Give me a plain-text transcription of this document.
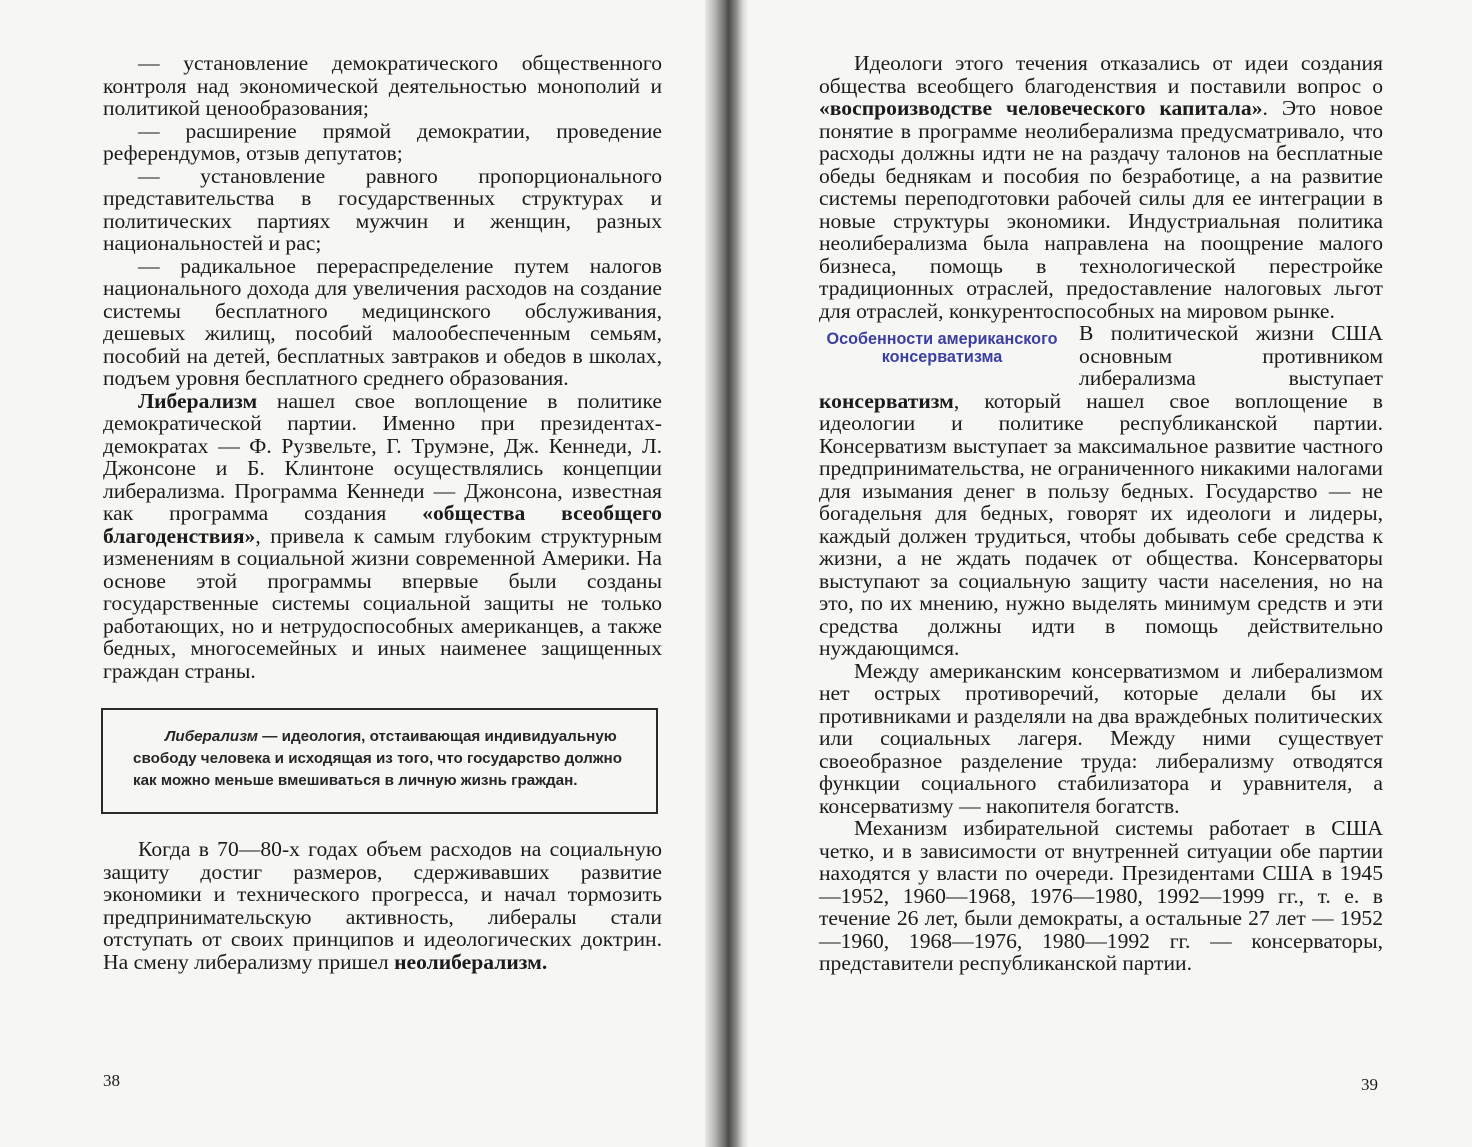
— установление демократического общественного контроля над экономической деятельностью монополий и политикой ценообразования;

— расширение прямой демократии, проведение референдумов, отзыв депутатов;

— установление равного пропорционального представительства в государственных структурах и политических партиях мужчин и женщин, разных национальностей и рас;

— радикальное перераспределение путем налогов национального дохода для увеличения расходов на создание системы бесплатного медицинского обслуживания, дешевых жилищ, пособий малообеспеченным семьям, пособий на детей, бесплатных завтраков и обедов в школах, подъем уровня бесплатного среднего образования.

Либерализм нашел свое воплощение в политике демократической партии. Именно при президентах-демократах — Ф. Рузвельте, Г. Трумэне, Дж. Кеннеди, Л. Джонсоне и Б. Клинтоне осуществлялись концепции либерализма. Программа Кеннеди — Джонсона, известная как программа создания «общества всеобщего благоденствия», привела к самым глубоким структурным изменениям в социальной жизни современной Америки. На основе этой программы впервые были созданы государственные системы социальной защиты не только работающих, но и нетрудоспособных американцев, а также бедных, многосемейных и иных наименее защищенных граждан страны.

Либерализм — идеология, отстаивающая индивидуальную свободу человека и исходящая из того, что государство должно как можно меньше вмешиваться в личную жизнь граждан.

Когда в 70—80-х годах объем расходов на социальную защиту достиг размеров, сдерживавших развитие экономики и технического прогресса, и начал тормозить предпринимательскую активность, либералы стали отступать от своих принципов и идеологических доктрин. На смену либерализму пришел неолиберализм.

38

Идеологи этого течения отказались от идеи создания общества всеобщего благоденствия и поставили вопрос о «воспроизводстве человеческого капитала». Это новое понятие в программе неолиберализма предусматривало, что расходы должны идти не на раздачу талонов на бесплатные обеды беднякам и пособия по безработице, а на развитие системы переподготовки рабочей силы для ее интеграции в новые структуры экономики. Индустриальная политика неолиберализма была направлена на поощрение малого бизнеса, помощь в технологической перестройке традиционных отраслей, предоставление налоговых льгот для отраслей, конкурентоспособных на мировом рынке.

Особенности американского консерватизма

В политической жизни США основным противником либерализма выступает консерватизм, который нашел свое воплощение в идеологии и политике республиканской партии. Консерватизм выступает за максимальное развитие частного предпринимательства, не ограниченного никакими налогами для изымания денег в пользу бедных. Государство — не богадельня для бедных, говорят их идеологи и лидеры, каждый должен трудиться, чтобы добывать себе средства к жизни, а не ждать подачек от общества. Консерваторы выступают за социальную защиту части населения, но на это, по их мнению, нужно выделять минимум средств и эти средства должны идти в помощь действительно нуждающимся.

Между американским консерватизмом и либерализмом нет острых противоречий, которые делали бы их противниками и разделяли на два враждебных политических или социальных лагеря. Между ними существует своеобразное разделение труда: либерализму отводятся функции социального стабилизатора и уравнителя, а консерватизму — накопителя богатств.

Механизм избирательной системы работает в США четко, и в зависимости от внутренней ситуации обе партии находятся у власти по очереди. Президентами США в 1945—1952, 1960—1968, 1976—1980, 1992—1999 гг., т. е. в течение 26 лет, были демократы, а остальные 27 лет — 1952—1960, 1968—1976, 1980—1992 гг. — консерваторы, представители республиканской партии.

39
